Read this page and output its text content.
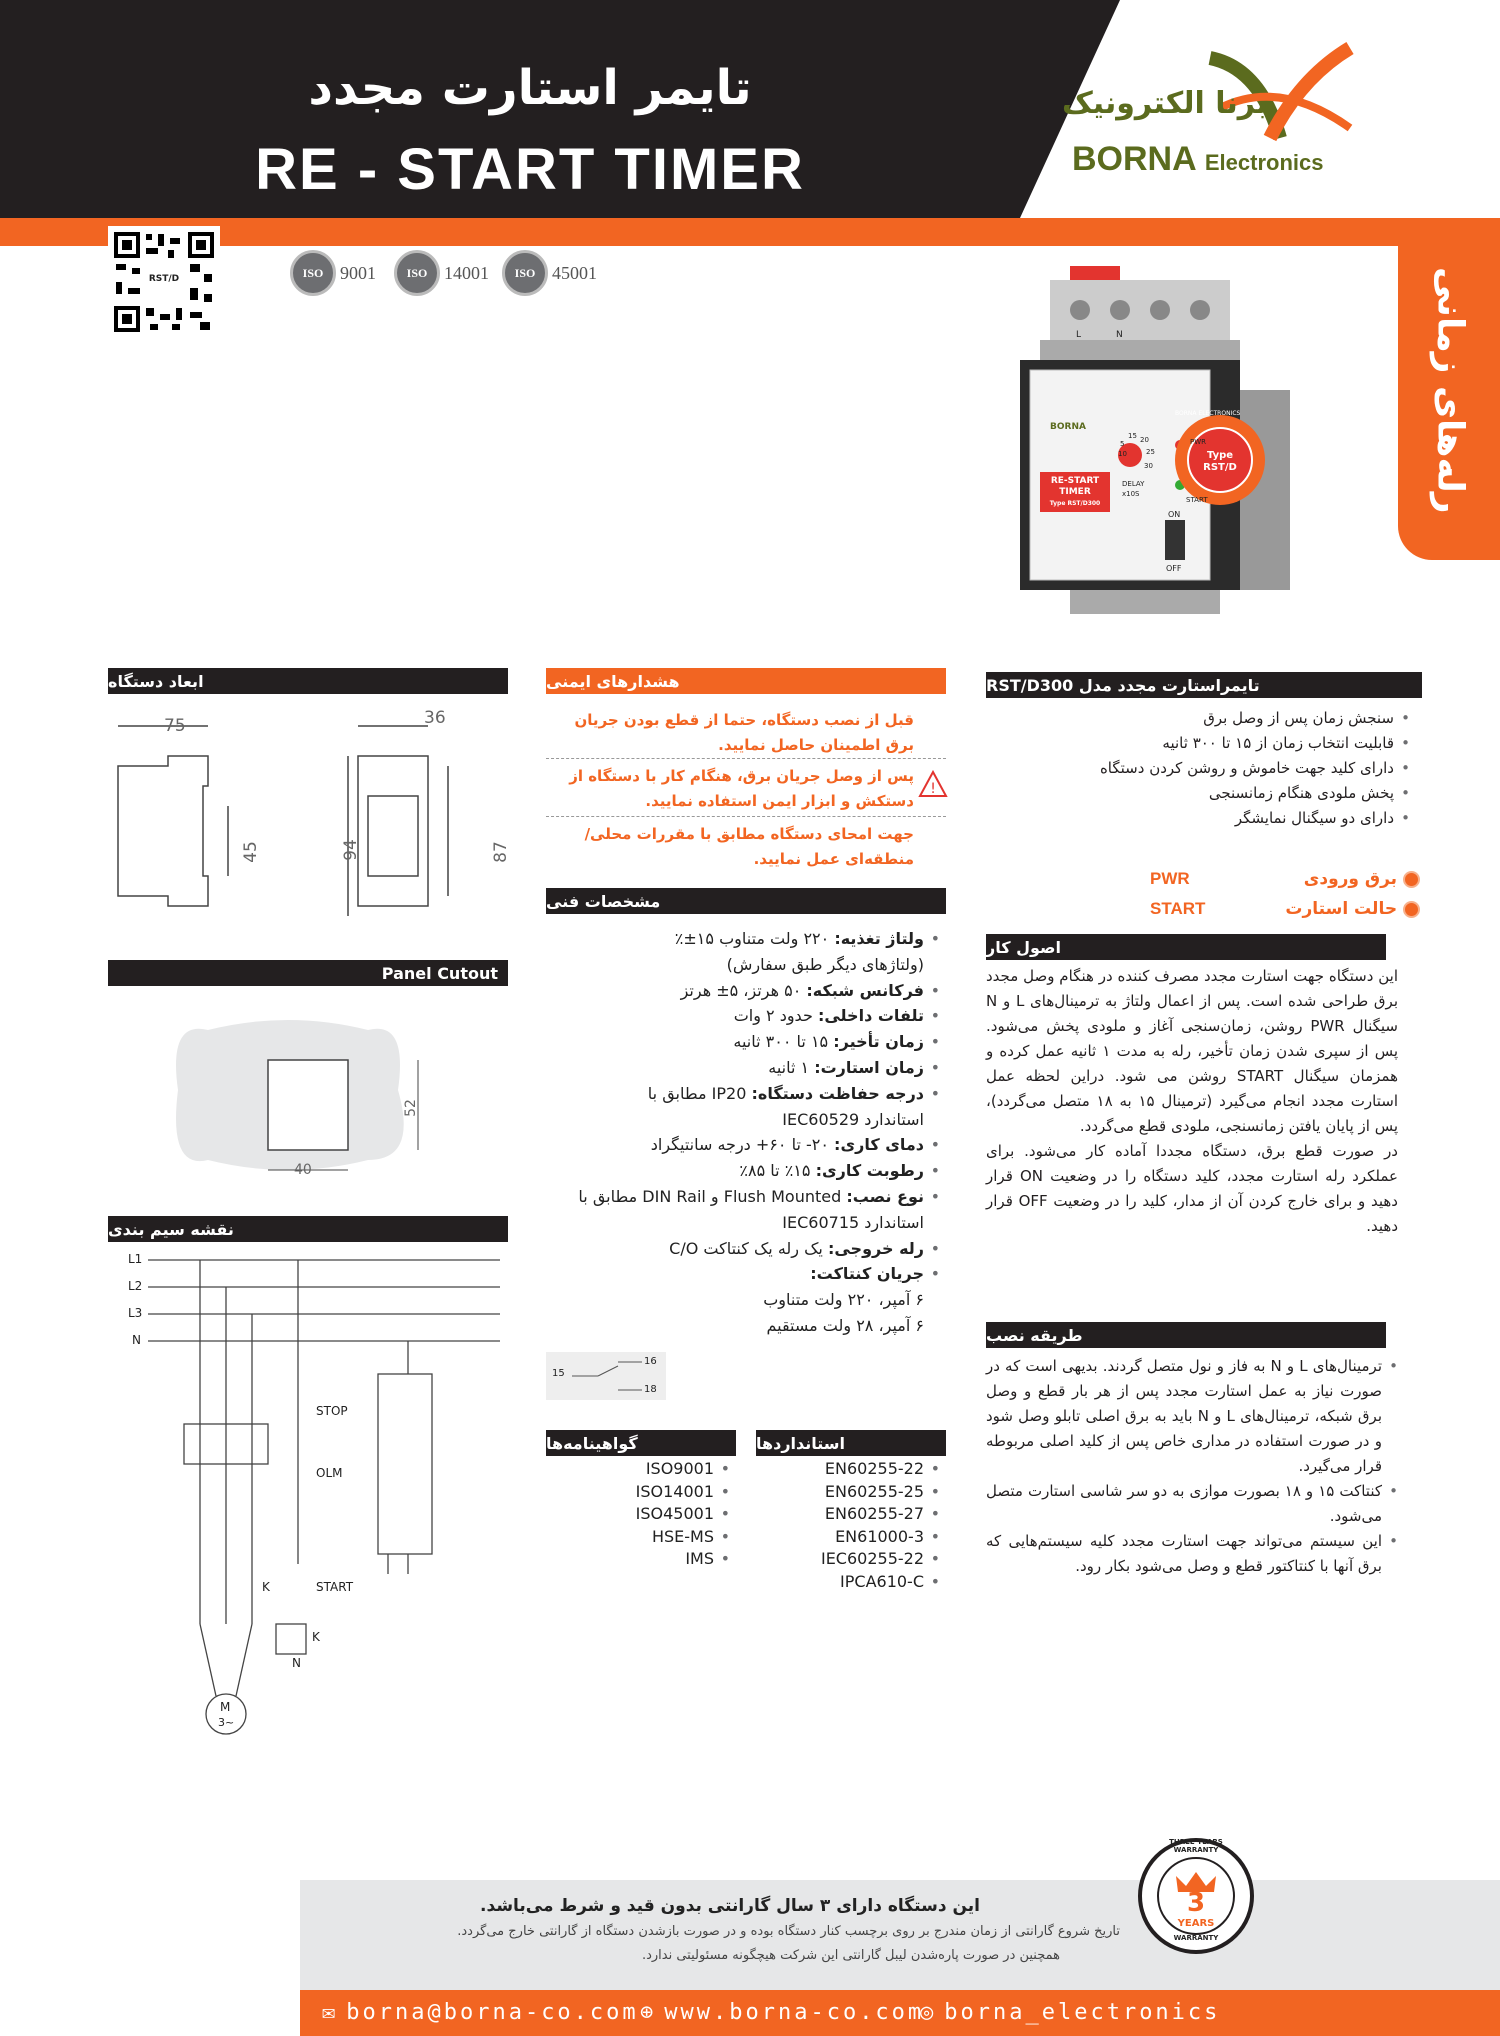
تایمر استارت مجدد
RE - START TIMER
برنا الکترونیک
BORNA Electronics
رله‌های زمانی
RST/D	ISO 9001	ISO 14001	ISO 45001
BORNA
RE-START
TIMER
Type RST/D300
PWR
START
DELAY
x10S
5
10
15 20
25
30
ON
OFF
L	N
Type
RST/D
BORNA ELECTRONICS
تایمراستارت مجدد مدل RST/D300
• سنجش زمان پس از وصل برق
• قابلیت انتخاب زمان از ۱۵ تا ۳۰۰ ثانیه
• دارای کلید جهت خاموش و روشن کردن دستگاه
• پخش ملودی هنگام زمانسنجی
• دارای دو سیگنال نمایشگر
برق ورودی
PWR
حالت استارت
START
اصول کار
این دستگاه جهت استارت مجدد مصرف کننده در هنگام وصل مجدد برق طراحی شده است. پس از اعمال ولتاژ به ترمینال‌های L و N سیگنال PWR روشن، زمان‌سنجی آغاز و ملودی پخش می‌شود. پس از سپری شدن زمان تأخیر، رله به مدت ۱ ثانیه عمل کرده و همزمان سیگنال START روشن می شود. دراین لحظه عمل استارت مجدد انجام می‌گیرد (ترمینال ۱۵ به ۱۸ متصل می‌گردد)، پس از پایان یافتن زمانسنجی، ملودی قطع می‌گردد.
در صورت قطع برق، دستگاه مجددا آماده کار می‌شود. برای عملکرد رله استارت مجدد، کلید دستگاه را در وضعیت ON قرار دهید و برای خارج کردن آن از مدار، کلید را در وضعیت OFF قرار دهید.
طریقه نصب
• ترمینال‌های L و N به فاز و نول متصل گردند. بدیهی است که در صورت نیاز به عمل استارت مجدد پس از هر بار قطع و وصل برق شبکه، ترمینال‌های L و N باید به برق اصلی تابلو وصل شود و در صورت استفاده در مداری خاص پس از کلید اصلی مربوطه قرار می‌گیرد.
• کنتاکت ۱۵ و ۱۸ بصورت موازی به دو سر شاسی استارت متصل می‌شود.
• این سیستم می‌تواند جهت استارت مجدد کلیه سیستم‌هایی که برق آنها با کنتاکتور قطع و وصل می‌شود بکار رود.
هشدارهای ایمنی
قبل از نصب دستگاه، حتما از قطع بودن جریان برق اطمینان حاصل نمایید.
پس از وصل جریان برق، هنگام کار با دستگاه از دستکش و ابزار ایمن استفاده نمایید.
!
جهت امحای دستگاه مطابق با مقررات محلی/منطقه‌ای عمل نمایید.
مشخصات فنی
• ولتاژ تغذیه: ۲۲۰ ولت متناوب ۱۵±٪
(ولتاژهای دیگر طبق سفارش)
• فرکانس شبکه: ۵۰ هرتز، ۵± هرتز
• تلفات داخلی: حدود ۲ وات
• زمان تأخیر: ۱۵ تا ۳۰۰ ثانیه
• زمان استارت: ۱ ثانیه
• درجه حفاظت دستگاه: IP20 مطابق با
استاندارد IEC60529
• دمای کاری: ۲۰- تا ۶۰+ درجه سانتیگراد
• رطوبت کاری: ۱۵٪ تا ۸۵٪
• نوع نصب: Flush Mounted و DIN Rail مطابق با
استاندارد IEC60715
• رله خروجی: یک رله یک کنتاکت C/O
• جریان کنتاکت:
۶ آمپر، ۲۲۰ ولت متناوب
۶ آمپر، ۲۸ ولت مستقیم
15
16
18
استانداردها
• EN60255-22
• EN60255-25
• EN60255-27
• EN61000-3
• IEC60255-22
• IPCA610-C
گواهینامه‌ها
• ISO9001
• ISO14001
• ISO45001
• HSE-MS
• IMS
ابعاد دستگاه
75	36
45	94	87
Panel Cutout
40
52
نقشه سیم بندی
L1
L2
L3
N
STOP
OLM
START
K
K
N
M
3~
این دستگاه دارای ۳ سال گارانتی بدون قید و شرط می‌باشد.
تاریخ شروع گارانتی از زمان مندرج بر روی برچسب کنار دستگاه بوده و در صورت بازشدن دستگاه از گارانتی خارج می‌گردد.
همچنین در صورت پاره‌شدن لیبل گارانتی این شرکت هیچگونه مسئولیتی ندارد.
THREE YEARS WARRANTY
3
YEARS
WARRANTY
✉ borna@borna-co.com ⊕ www.borna-co.com
◎ borna_electronics
